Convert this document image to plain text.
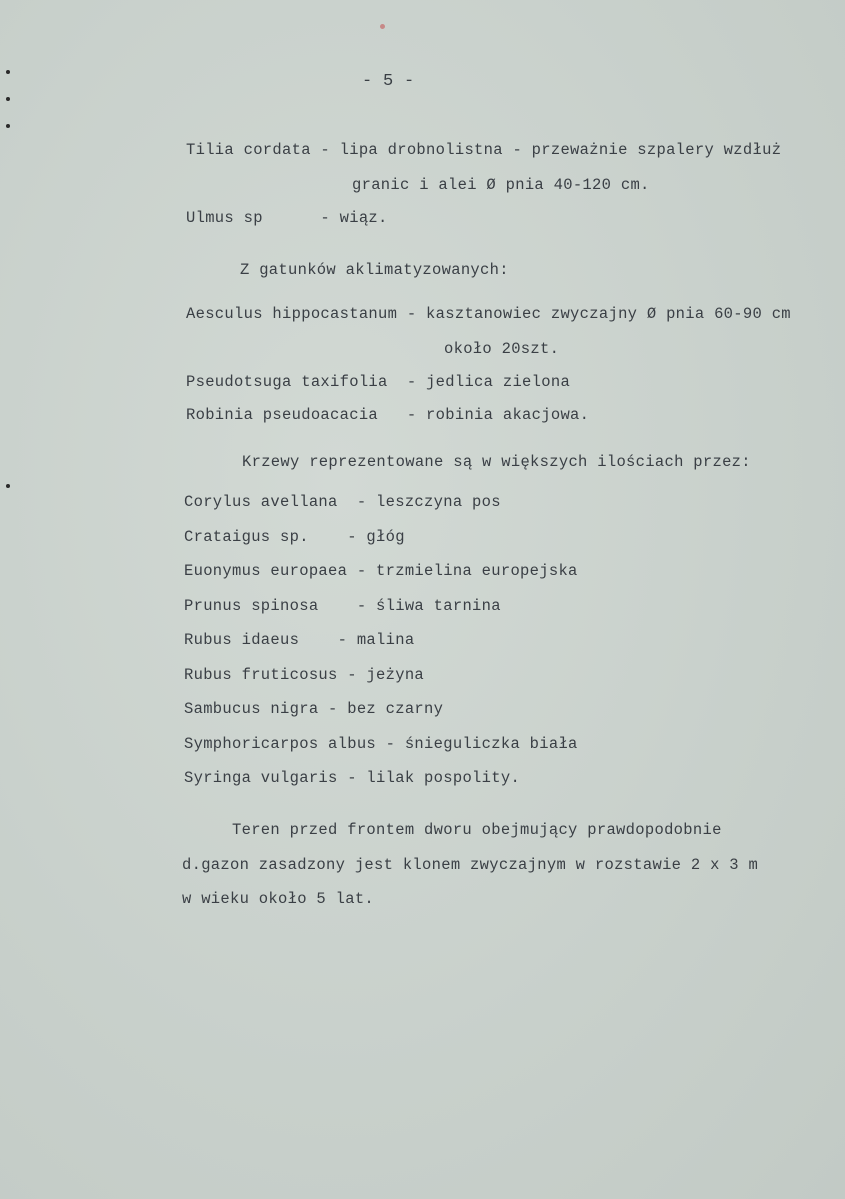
- 5 -
Tilia cordata - lipa drobnolistna - przeważnie szpalery wzdłuż
granic i alei Ø pnia 40-120 cm.
Ulmus sp      - wiąz.
Z gatunków aklimatyzowanych:
Aesculus hippocastanum - kasztanowiec zwyczajny Ø pnia 60-90 cm
około 20szt.
Pseudotsuga taxifolia  - jedlica zielona
Robinia pseudoacacia   - robinia akacjowa.
Krzewy reprezentowane są w większych ilościach przez:
Corylus avellana  - leszczyna pos
Crataigus sp.    - głóg
Euonymus europaea - trzmielina europejska
Prunus spinosa    - śliwa tarnina
Rubus idaeus    - malina
Rubus fruticosus - jeżyna
Sambucus nigra - bez czarny
Symphoricarpos albus - śnieguliczka biała
Syringa vulgaris - lilak pospolity.
Teren przed frontem dworu obejmujący prawdopodobnie
d.gazon zasadzony jest klonem zwyczajnym w rozstawie 2 x 3 m
w wieku około 5 lat.
